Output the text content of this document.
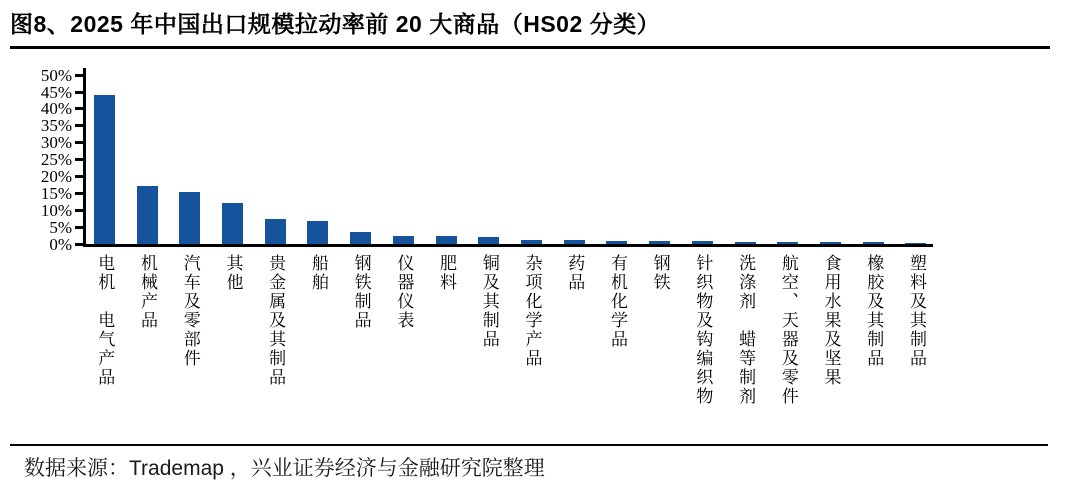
图8、2025 年中国出口规模拉动率前 20 大商品（HS02 分类）
50%
45%
40%
35%
30%
25%
20%
15%
10%
5%
0%
电机　电气产品 机械产品 汽车及零部件 其他 贵金属及其制品 船舶 钢铁制品 仪器仪表 肥料 铜及其制品 杂项化学产品 药品 有机化学品 钢铁 针织物及钩编织物 洗涤剂　蜡等制剂 航空、天器及零件 食用水果及坚果 橡胶及其制品 塑料及其制品
数据来源：Trademap ，兴业证券经济与金融研究院整理
